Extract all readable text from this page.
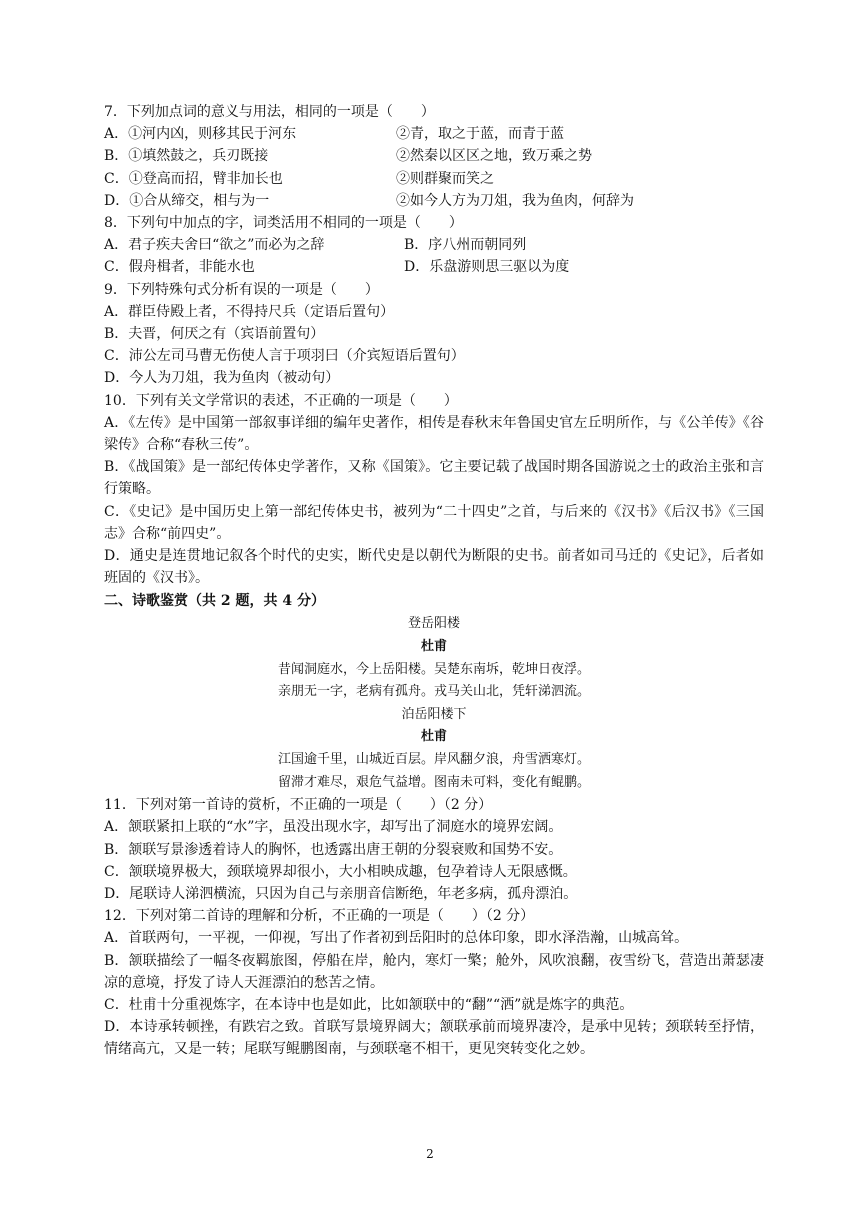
7．下列加点词的意义与用法，相同的一项是（　　）
A．①河内凶，则移其民于河东	②青，取之于蓝，而青于蓝
B．①填然鼓之，兵刃既接	②然秦以区区之地，致万乘之势
C．①登高而招，臂非加长也	②则群聚而笑之
D．①合从缔交，相与为一	②如今人方为刀俎，我为鱼肉，何辞为
8．下列句中加点的字，词类活用不相同的一项是（　　）
A．君子疾夫舍曰“欲之”而必为之辞	B．序八州而朝同列
C．假舟楫者，非能水也	D．乐盘游则思三驱以为度
9．下列特殊句式分析有误的一项是（　　）
A．群臣侍殿上者，不得持尺兵（定语后置句）
B．夫晋，何厌之有（宾语前置句）
C．沛公左司马曹无伤使人言于项羽曰（介宾短语后置句）
D．今人为刀俎，我为鱼肉（被动句）
10．下列有关文学常识的表述，不正确的一项是（　　）
A．《左传》是中国第一部叙事详细的编年史著作，相传是春秋末年鲁国史官左丘明所作，与《公羊传》《谷梁传》合称“春秋三传”。
B．《战国策》是一部纪传体史学著作，又称《国策》。它主要记载了战国时期各国游说之士的政治主张和言行策略。
C．《史记》是中国历史上第一部纪传体史书，被列为“二十四史”之首，与后来的《汉书》《后汉书》《三国志》合称“前四史”。
D．通史是连贯地记叙各个时代的史实，断代史是以朝代为断限的史书。前者如司马迁的《史记》，后者如班固的《汉书》。
二、诗歌鉴赏（共 2 题，共 4 分）
登岳阳楼
杜甫
昔闻洞庭水，今上岳阳楼。吴楚东南坼，乾坤日夜浮。
亲朋无一字，老病有孤舟。戎马关山北，凭轩涕泗流。
泊岳阳楼下
杜甫
江国逾千里，山城近百层。岸风翻夕浪，舟雪洒寒灯。
留滞才难尽，艰危气益增。图南未可料，变化有鲲鹏。
11．下列对第一首诗的赏析，不正确的一项是（　　）（2 分）
A．颔联紧扣上联的“水”字，虽没出现水字，却写出了洞庭水的境界宏阔。
B．颔联写景渗透着诗人的胸怀，也透露出唐王朝的分裂衰败和国势不安。
C．颔联境界极大，颈联境界却很小，大小相映成趣，包孕着诗人无限感慨。
D．尾联诗人涕泗横流，只因为自己与亲朋音信断绝，年老多病，孤舟漂泊。
12．下列对第二首诗的理解和分析，不正确的一项是（　　）（2 分）
A．首联两句，一平视，一仰视，写出了作者初到岳阳时的总体印象，即水泽浩瀚，山城高耸。
B．颔联描绘了一幅冬夜羁旅图，停船在岸，舱内，寒灯一檠；舱外，风吹浪翻，夜雪纷飞，营造出萧瑟凄凉的意境，抒发了诗人天涯漂泊的愁苦之情。
C．杜甫十分重视炼字，在本诗中也是如此，比如颔联中的“翻”“洒”就是炼字的典范。
D．本诗承转顿挫，有跌宕之致。首联写景境界阔大；颔联承前而境界凄冷，是承中见转；颈联转至抒情，情绪高亢，又是一转；尾联写鲲鹏图南，与颈联毫不相干，更见突转变化之妙。
2
